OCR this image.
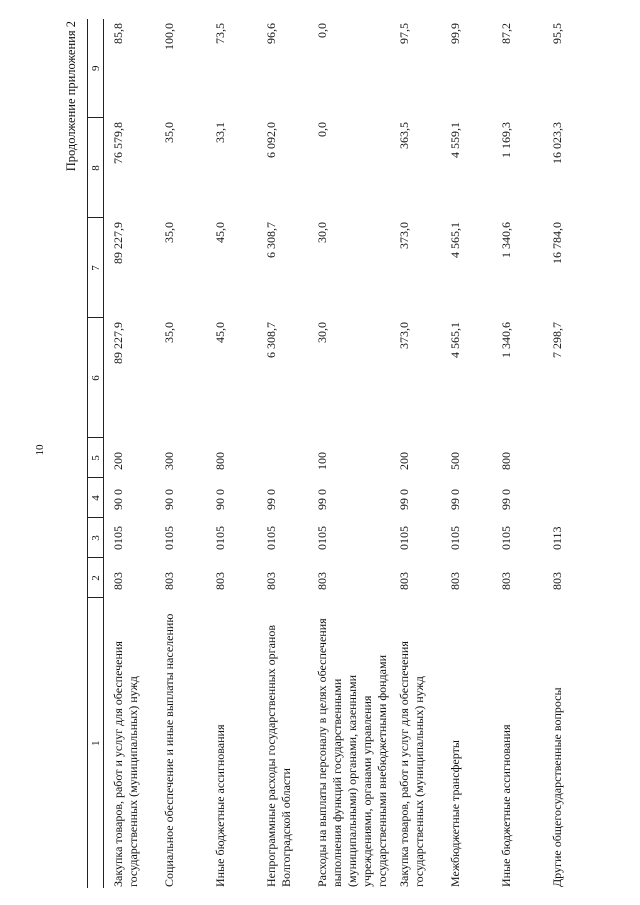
10
Продолжение приложения 2
1	2	3	4	5	6	7	8	9
Закупка товаров, работ и услуг для обеспечения государственных (муниципальных) нужд	803	0105	90 0	200	89 227,9	89 227,9	76 579,8	85,8
Социальное обеспечение и иные выплаты населению	803	0105	90 0	300	35,0	35,0	35,0	100,0
Иные бюджетные ассигнования	803	0105	90 0	800	45,0	45,0	33,1	73,5
Непрограммные расходы государственных органов Волгоградской области	803	0105	99 0		6 308,7	6 308,7	6 092,0	96,6
Расходы на выплаты персоналу в целях обеспечения выполнения функций государственными (муниципальными) органами, казенными учреждениями, органами управления государственными внебюджетными фондами	803	0105	99 0	100	30,0	30,0	0,0	0,0
Закупка товаров, работ и услуг для обеспечения государственных (муниципальных) нужд	803	0105	99 0	200	373,0	373,0	363,5	97,5
Межбюджетные трансферты	803	0105	99 0	500	4 565,1	4 565,1	4 559,1	99,9
Иные бюджетные ассигнования	803	0105	99 0	800	1 340,6	1 340,6	1 169,3	87,2
Другие общегосударственные вопросы	803	0113			7 298,7	16 784,0	16 023,3	95,5
